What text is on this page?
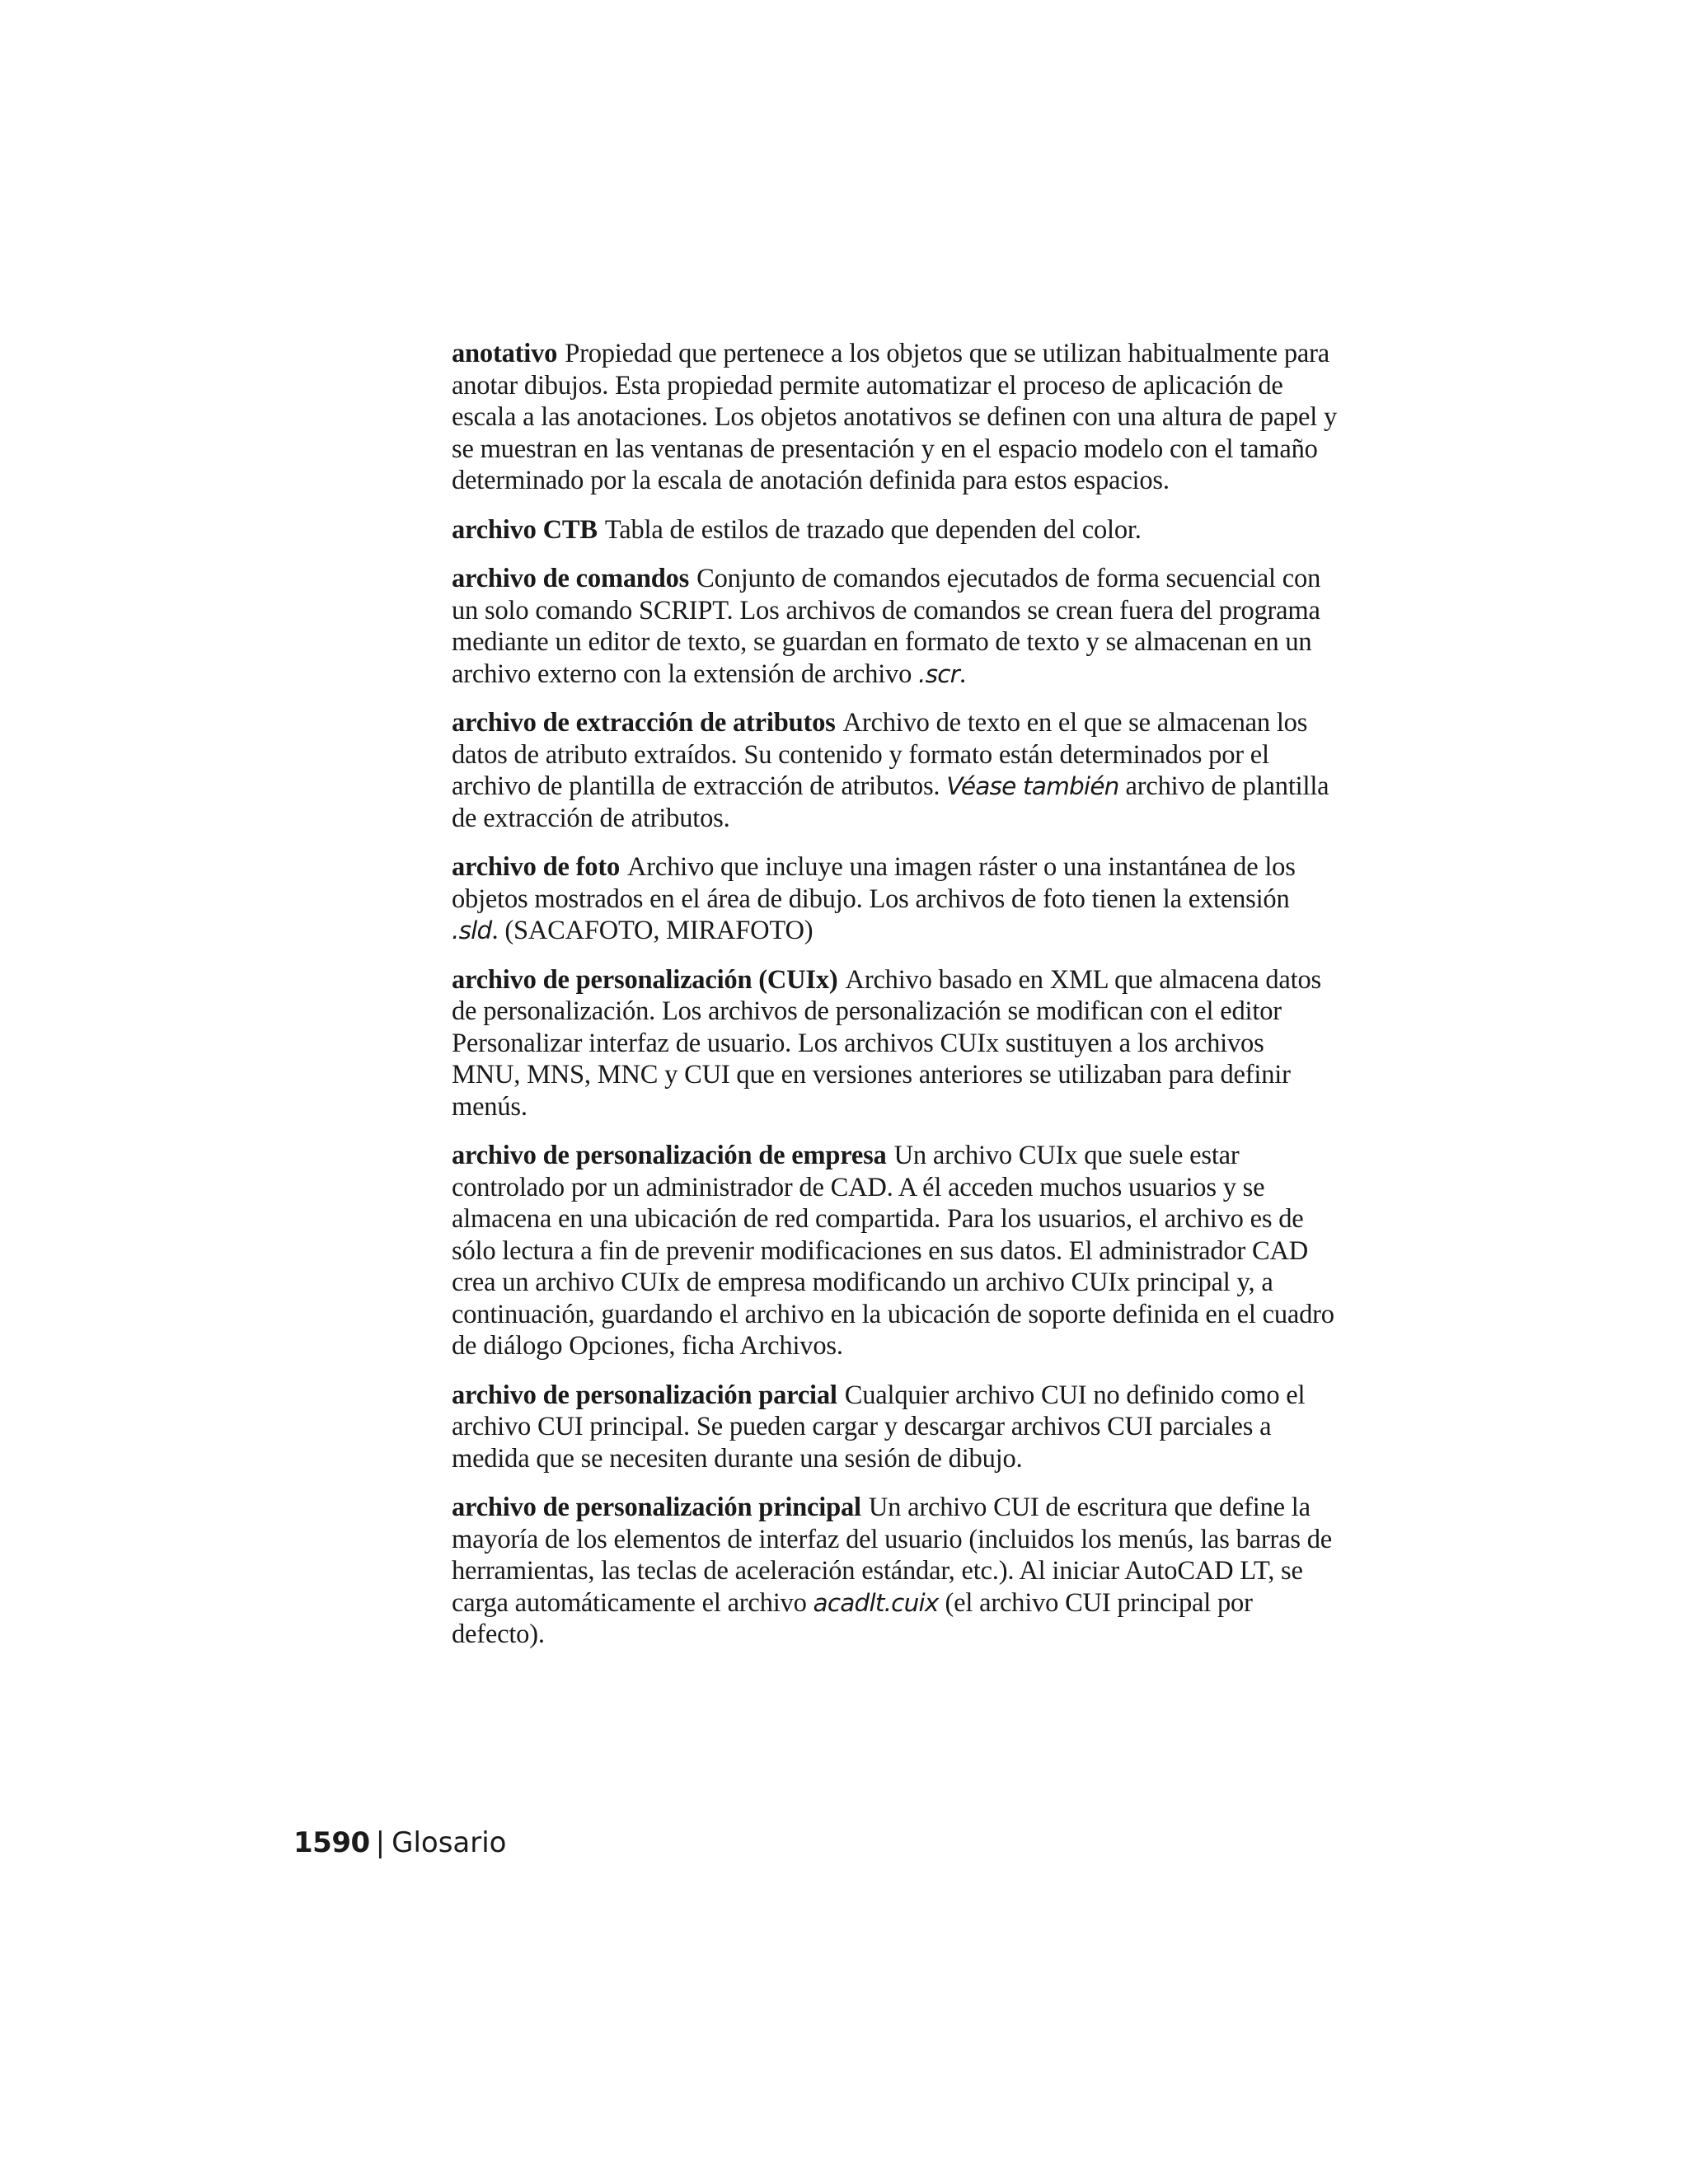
anotativo Propiedad que pertenece a los objetos que se utilizan habitualmente para anotar dibujos. Esta propiedad permite automatizar el proceso de aplicación de escala a las anotaciones. Los objetos anotativos se definen con una altura de papel y se muestran en las ventanas de presentación y en el espacio modelo con el tamaño determinado por la escala de anotación definida para estos espacios.

archivo CTB Tabla de estilos de trazado que dependen del color.

archivo de comandos Conjunto de comandos ejecutados de forma secuencial con un solo comando SCRIPT. Los archivos de comandos se crean fuera del programa mediante un editor de texto, se guardan en formato de texto y se almacenan en un archivo externo con la extensión de archivo .scr.

archivo de extracción de atributos Archivo de texto en el que se almacenan los datos de atributo extraídos. Su contenido y formato están determinados por el archivo de plantilla de extracción de atributos. Véase también archivo de plantilla de extracción de atributos.

archivo de foto Archivo que incluye una imagen ráster o una instantánea de los objetos mostrados en el área de dibujo. Los archivos de foto tienen la extensión .sld. (SACAFOTO, MIRAFOTO)

archivo de personalización (CUIx) Archivo basado en XML que almacena datos de personalización. Los archivos de personalización se modifican con el editor Personalizar interfaz de usuario. Los archivos CUIx sustituyen a los archivos MNU, MNS, MNC y CUI que en versiones anteriores se utilizaban para definir menús.

archivo de personalización de empresa Un archivo CUIx que suele estar controlado por un administrador de CAD. A él acceden muchos usuarios y se almacena en una ubicación de red compartida. Para los usuarios, el archivo es de sólo lectura a fin de prevenir modificaciones en sus datos. El administrador CAD crea un archivo CUIx de empresa modificando un archivo CUIx principal y, a continuación, guardando el archivo en la ubicación de soporte definida en el cuadro de diálogo Opciones, ficha Archivos.

archivo de personalización parcial Cualquier archivo CUI no definido como el archivo CUI principal. Se pueden cargar y descargar archivos CUI parciales a medida que se necesiten durante una sesión de dibujo.

archivo de personalización principal Un archivo CUI de escritura que define la mayoría de los elementos de interfaz del usuario (incluidos los menús, las barras de herramientas, las teclas de aceleración estándar, etc.). Al iniciar AutoCAD LT, se carga automáticamente el archivo acadlt.cuix (el archivo CUI principal por defecto).

1590 | Glosario
